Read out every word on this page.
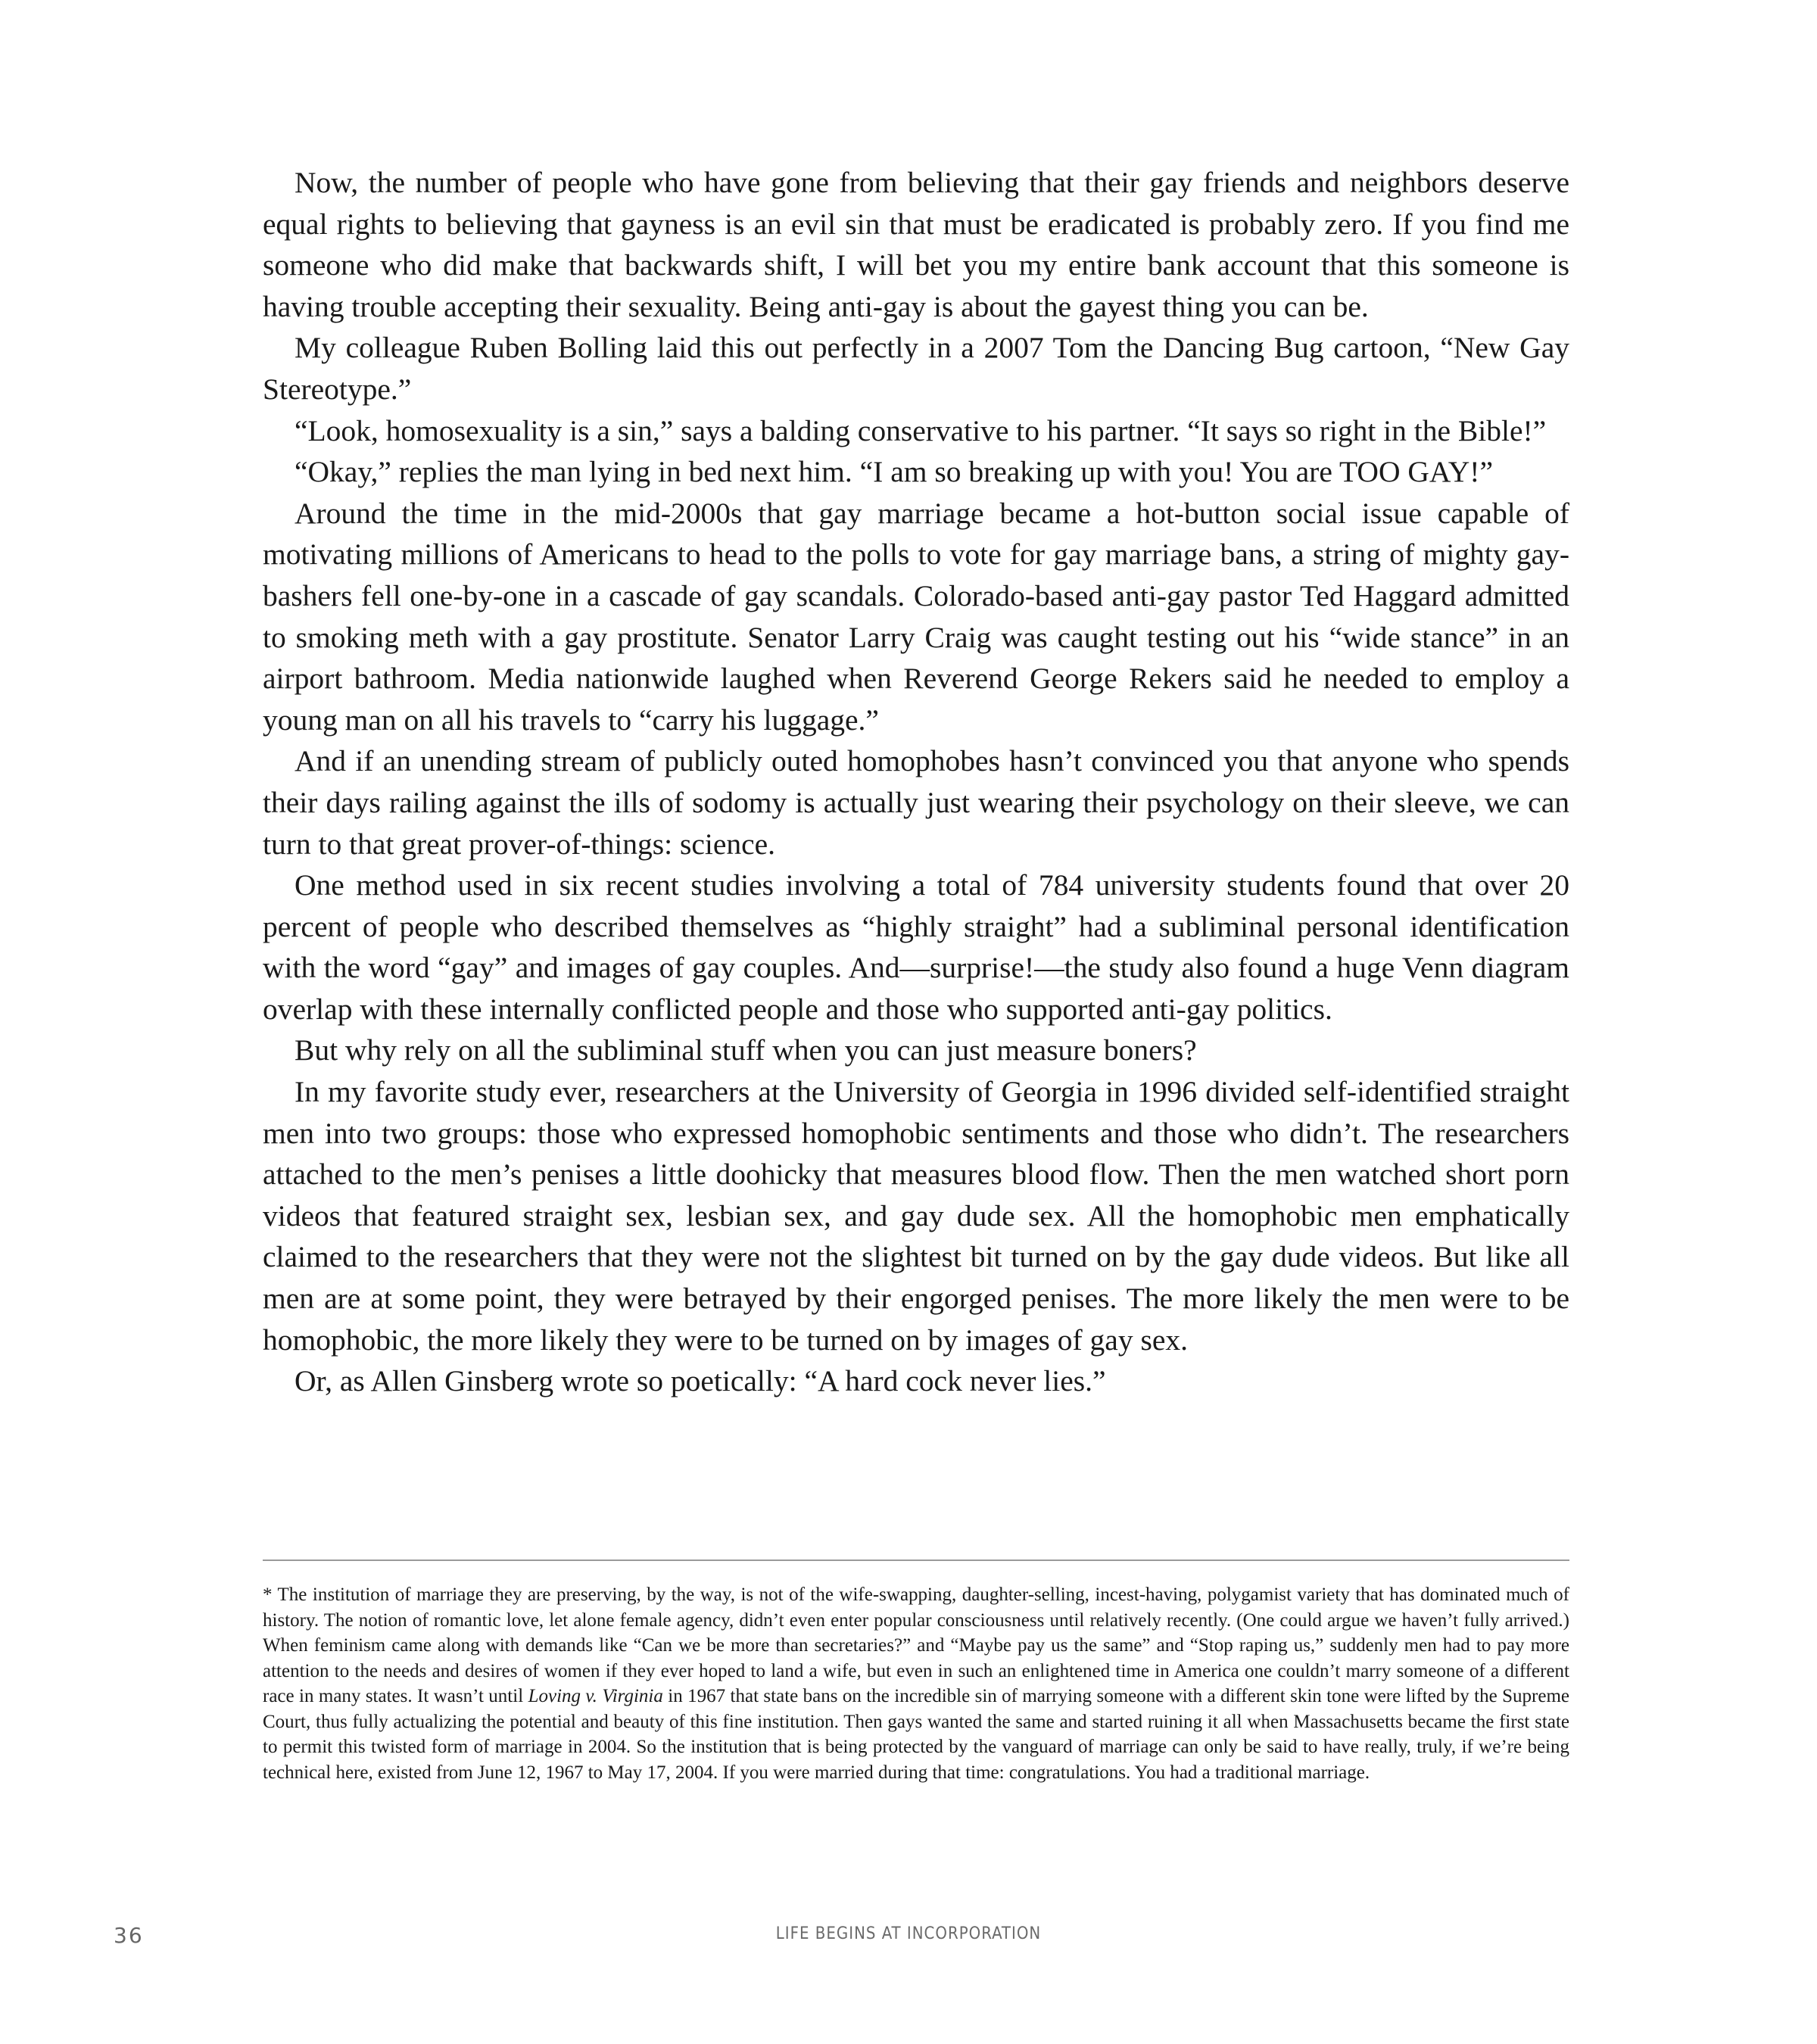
Now, the number of people who have gone from believing that their gay friends and neighbors deserve equal rights to believing that gayness is an evil sin that must be eradicated is probably zero. If you find me someone who did make that backwards shift, I will bet you my entire bank account that this someone is having trouble accepting their sexuality. Being anti-gay is about the gayest thing you can be.

My colleague Ruben Bolling laid this out perfectly in a 2007 Tom the Dancing Bug cartoon, “New Gay Stereotype.”

“Look, homosexuality is a sin,” says a balding conservative to his partner. “It says so right in the Bible!”

“Okay,” replies the man lying in bed next him. “I am so breaking up with you! You are TOO GAY!”

Around the time in the mid-2000s that gay marriage became a hot-button social issue capable of motivating millions of Americans to head to the polls to vote for gay marriage bans, a string of mighty gay-bashers fell one-by-one in a cascade of gay scandals. Colorado-based anti-gay pastor Ted Haggard admitted to smoking meth with a gay prostitute. Senator Larry Craig was caught testing out his “wide stance” in an airport bathroom. Media nationwide laughed when Reverend George Rekers said he needed to employ a young man on all his travels to “carry his luggage.”

And if an unending stream of publicly outed homophobes hasn’t convinced you that anyone who spends their days railing against the ills of sodomy is actually just wearing their psychology on their sleeve, we can turn to that great prover-of-things: science.

One method used in six recent studies involving a total of 784 university students found that over 20 percent of people who described themselves as “highly straight” had a subliminal personal identification with the word “gay” and images of gay couples. And—surprise!—the study also found a huge Venn diagram overlap with these internally conflicted people and those who supported anti-gay politics.

But why rely on all the subliminal stuff when you can just measure boners?

In my favorite study ever, researchers at the University of Georgia in 1996 divided self-identified straight men into two groups: those who expressed homophobic sentiments and those who didn’t. The researchers attached to the men’s penises a little doohicky that measures blood flow. Then the men watched short porn videos that featured straight sex, lesbian sex, and gay dude sex. All the homophobic men emphatically claimed to the researchers that they were not the slightest bit turned on by the gay dude videos. But like all men are at some point, they were betrayed by their engorged penises. The more likely the men were to be homophobic, the more likely they were to be turned on by images of gay sex.

Or, as Allen Ginsberg wrote so poetically: “A hard cock never lies.”

* The institution of marriage they are preserving, by the way, is not of the wife-swapping, daughter-selling, incest-having, polygamist variety that has dominated much of history. The notion of romantic love, let alone female agency, didn’t even enter popular consciousness until relatively recently. (One could argue we haven’t fully arrived.) When feminism came along with demands like “Can we be more than secretaries?” and “Maybe pay us the same” and “Stop raping us,” suddenly men had to pay more attention to the needs and desires of women if they ever hoped to land a wife, but even in such an enlightened time in America one couldn’t marry someone of a different race in many states. It wasn’t until Loving v. Virginia in 1967 that state bans on the incredible sin of marrying someone with a different skin tone were lifted by the Supreme Court, thus fully actualizing the potential and beauty of this fine institution. Then gays wanted the same and started ruining it all when Massachusetts became the first state to permit this twisted form of marriage in 2004. So the institution that is being protected by the vanguard of marriage can only be said to have really, truly, if we’re being technical here, existed from June 12, 1967 to May 17, 2004. If you were married during that time: congratulations. You had a traditional marriage.

36	LIFE BEGINS AT INCORPORATION
